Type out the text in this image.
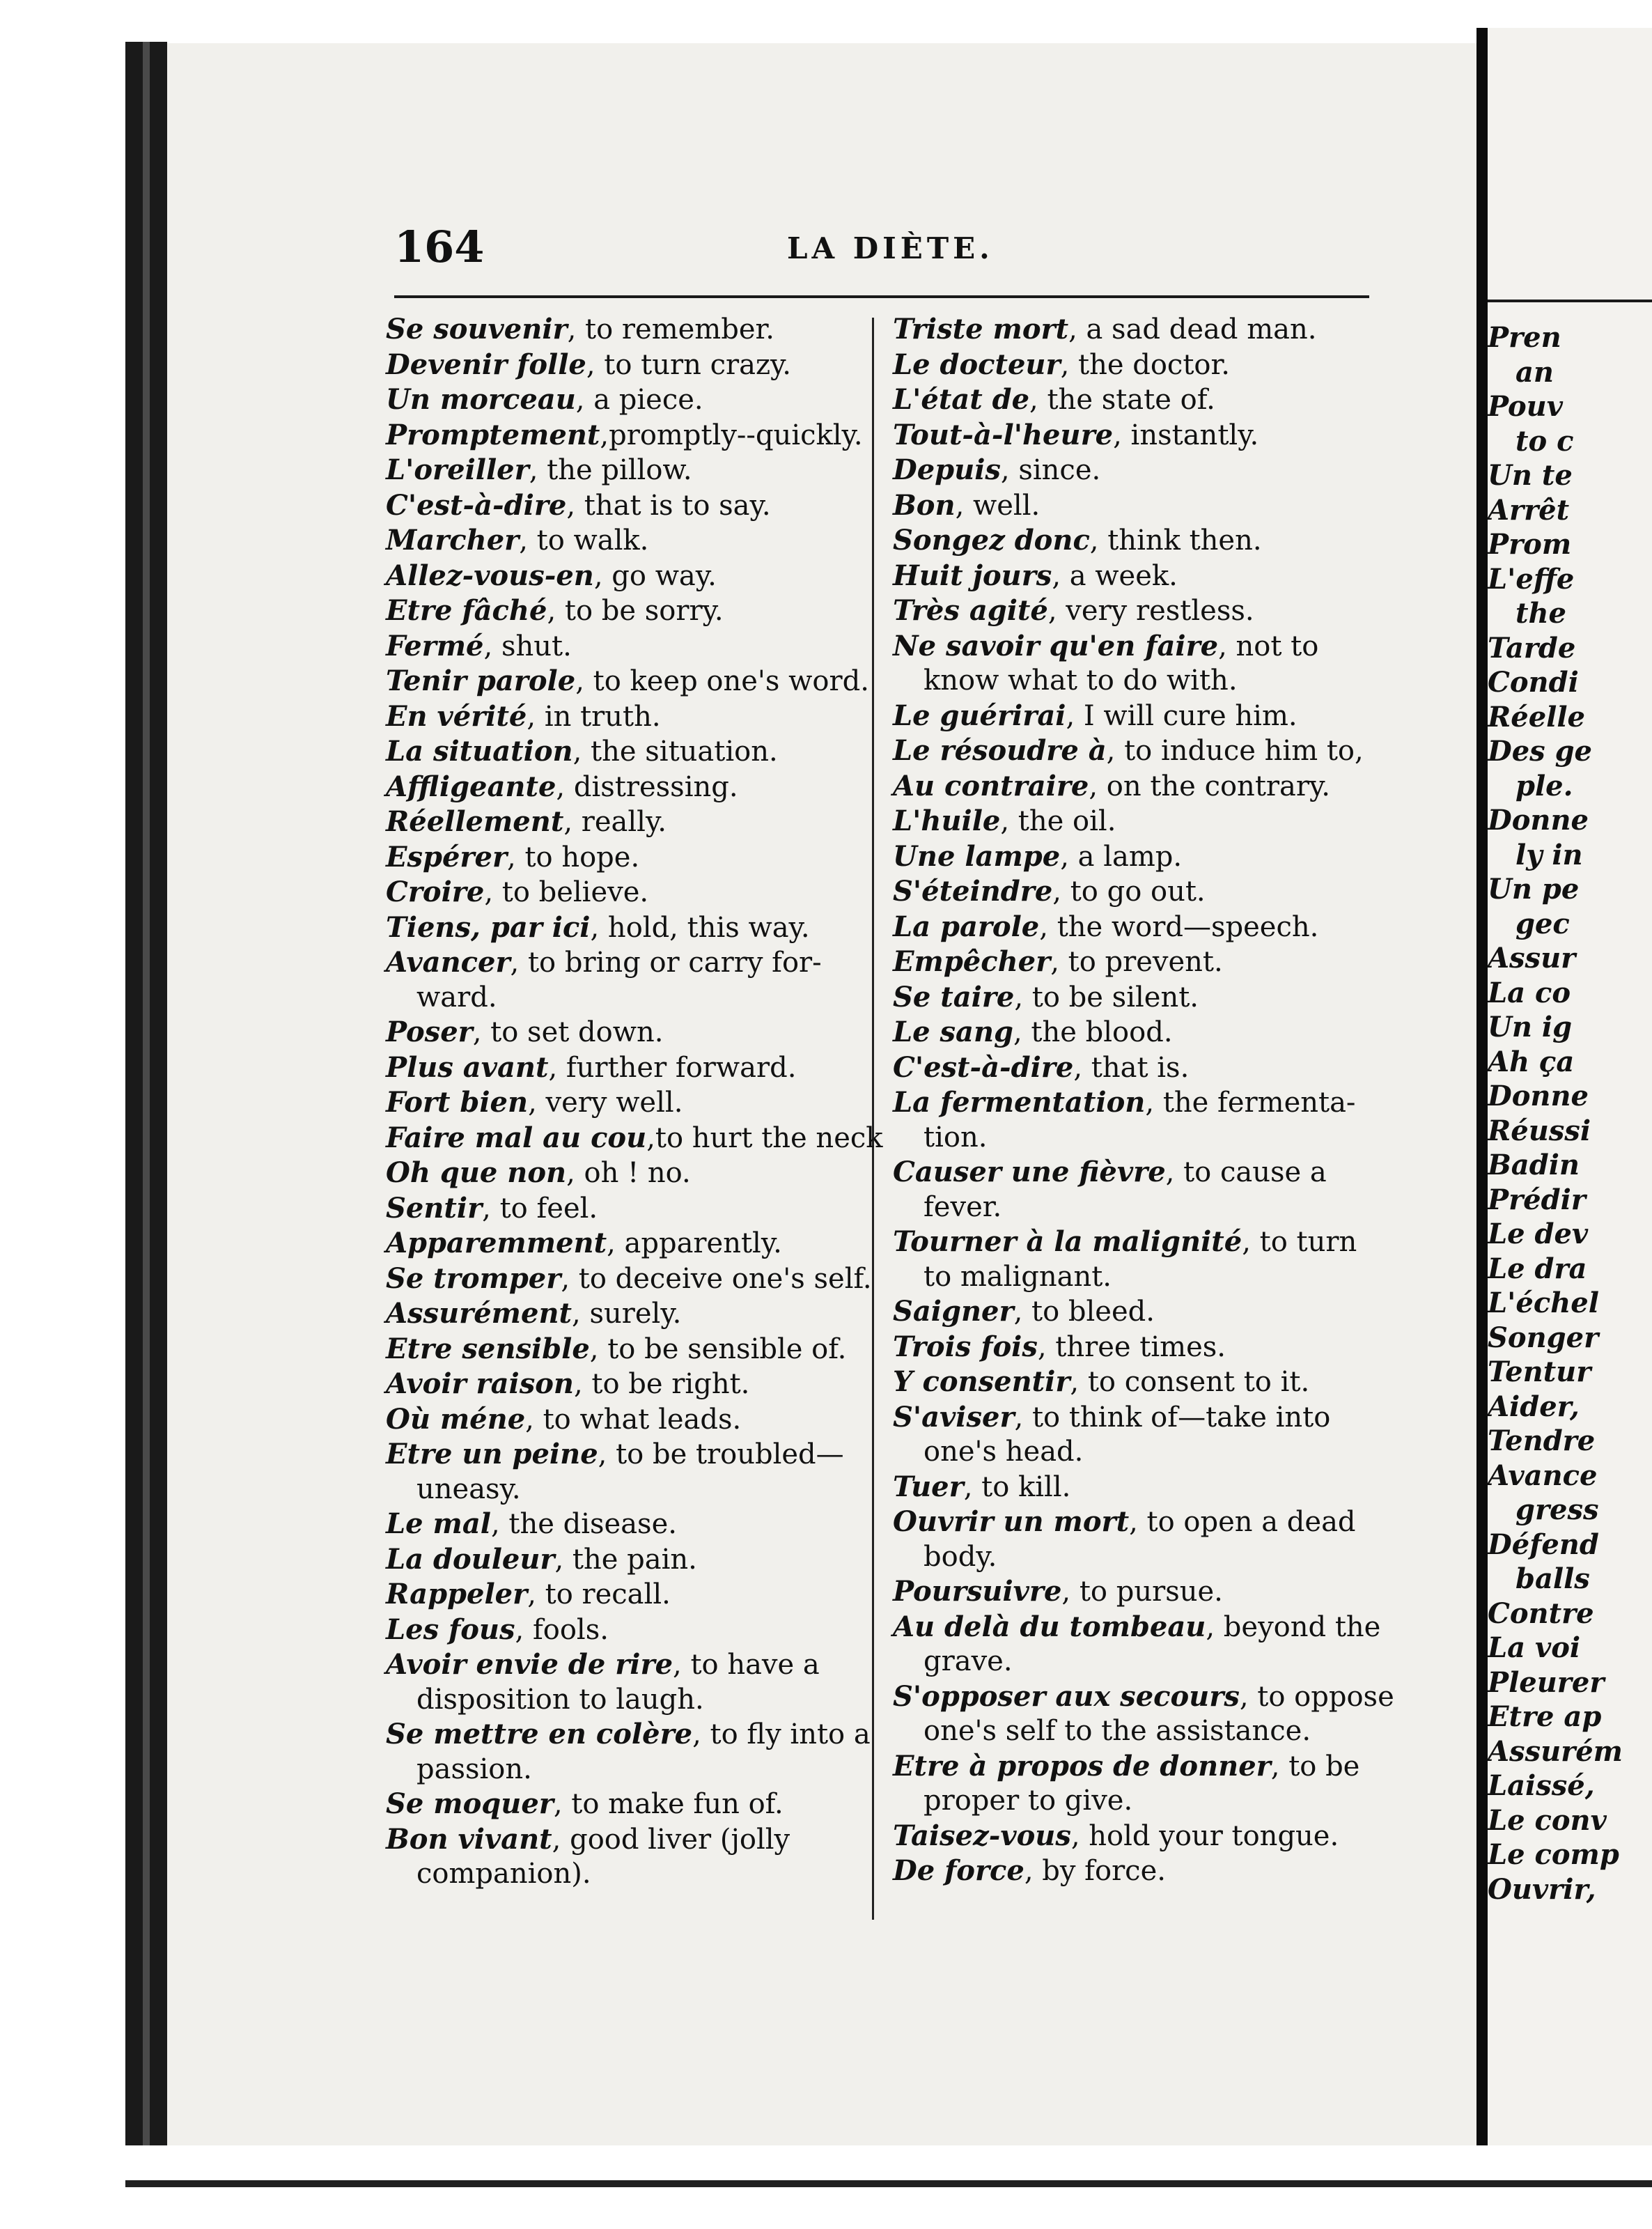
164	LA DIÈTE.
Se souvenir, to remember.
Devenir folle, to turn crazy.
Un morceau, a piece.
Promptement,promptly--quickly.
L'oreiller, the pillow.
C'est-à-dire, that is to say.
Marcher, to walk.
Allez-vous-en, go way.
Etre fâché, to be sorry.
Fermé, shut.
Tenir parole, to keep one's word.
En vérité, in truth.
La situation, the situation.
Affligeante, distressing.
Réellement, really.
Espérer, to hope.
Croire, to believe.
Tiens, par ici, hold, this way.
Avancer, to bring or carry for-
ward.
Poser, to set down.
Plus avant, further forward.
Fort bien, very well.
Faire mal au cou,to hurt the neck
Oh que non, oh ! no.
Sentir, to feel.
Apparemment, apparently.
Se tromper, to deceive one's self.
Assurément, surely.
Etre sensible, to be sensible of.
Avoir raison, to be right.
Où méne, to what leads.
Etre un peine, to be troubled—
uneasy.
Le mal, the disease.
La douleur, the pain.
Rappeler, to recall.
Les fous, fools.
Avoir envie de rire, to have a
disposition to laugh.
Se mettre en colère, to fly into a
passion.
Se moquer, to make fun of.
Bon vivant, good liver (jolly
companion).
Triste mort, a sad dead man.
Le docteur, the doctor.
L'état de, the state of.
Tout-à-l'heure, instantly.
Depuis, since.
Bon, well.
Songez donc, think then.
Huit jours, a week.
Très agité, very restless.
Ne savoir qu'en faire, not to
know what to do with.
Le guérirai, I will cure him.
Le résoudre à, to induce him to,
Au contraire, on the contrary.
L'huile, the oil.
Une lampe, a lamp.
S'éteindre, to go out.
La parole, the word—speech.
Empêcher, to prevent.
Se taire, to be silent.
Le sang, the blood.
C'est-à-dire, that is.
La fermentation, the fermenta-
tion.
Causer une fièvre, to cause a
fever.
Tourner à la malignité, to turn
to malignant.
Saigner, to bleed.
Trois fois, three times.
Y consentir, to consent to it.
S'aviser, to think of—take into
one's head.
Tuer, to kill.
Ouvrir un mort, to open a dead
body.
Poursuivre, to pursue.
Au delà du tombeau, beyond the
grave.
S'opposer aux secours, to oppose
one's self to the assistance.
Etre à propos de donner, to be
proper to give.
Taisez-vous, hold your tongue.
De force, by force.
Pren
an
Pouv
to c
Un te
Arrêt
Prom
L'effe
the
Tarde
Condi
Réelle
Des ge
ple.
Donne
ly in
Un pe
gec
Assur
La co
Un ig
Ah ça
Donne
Réussi
Badin
Prédir
Le dev
Le dra
L'échel
Songer
Tentur
Aider,
Tendre
Avance
gress
Défend
balls
Contre
La voi
Pleurer
Etre ap
Assurém
Laissé,
Le conv
Le comp
Ouvrir,
